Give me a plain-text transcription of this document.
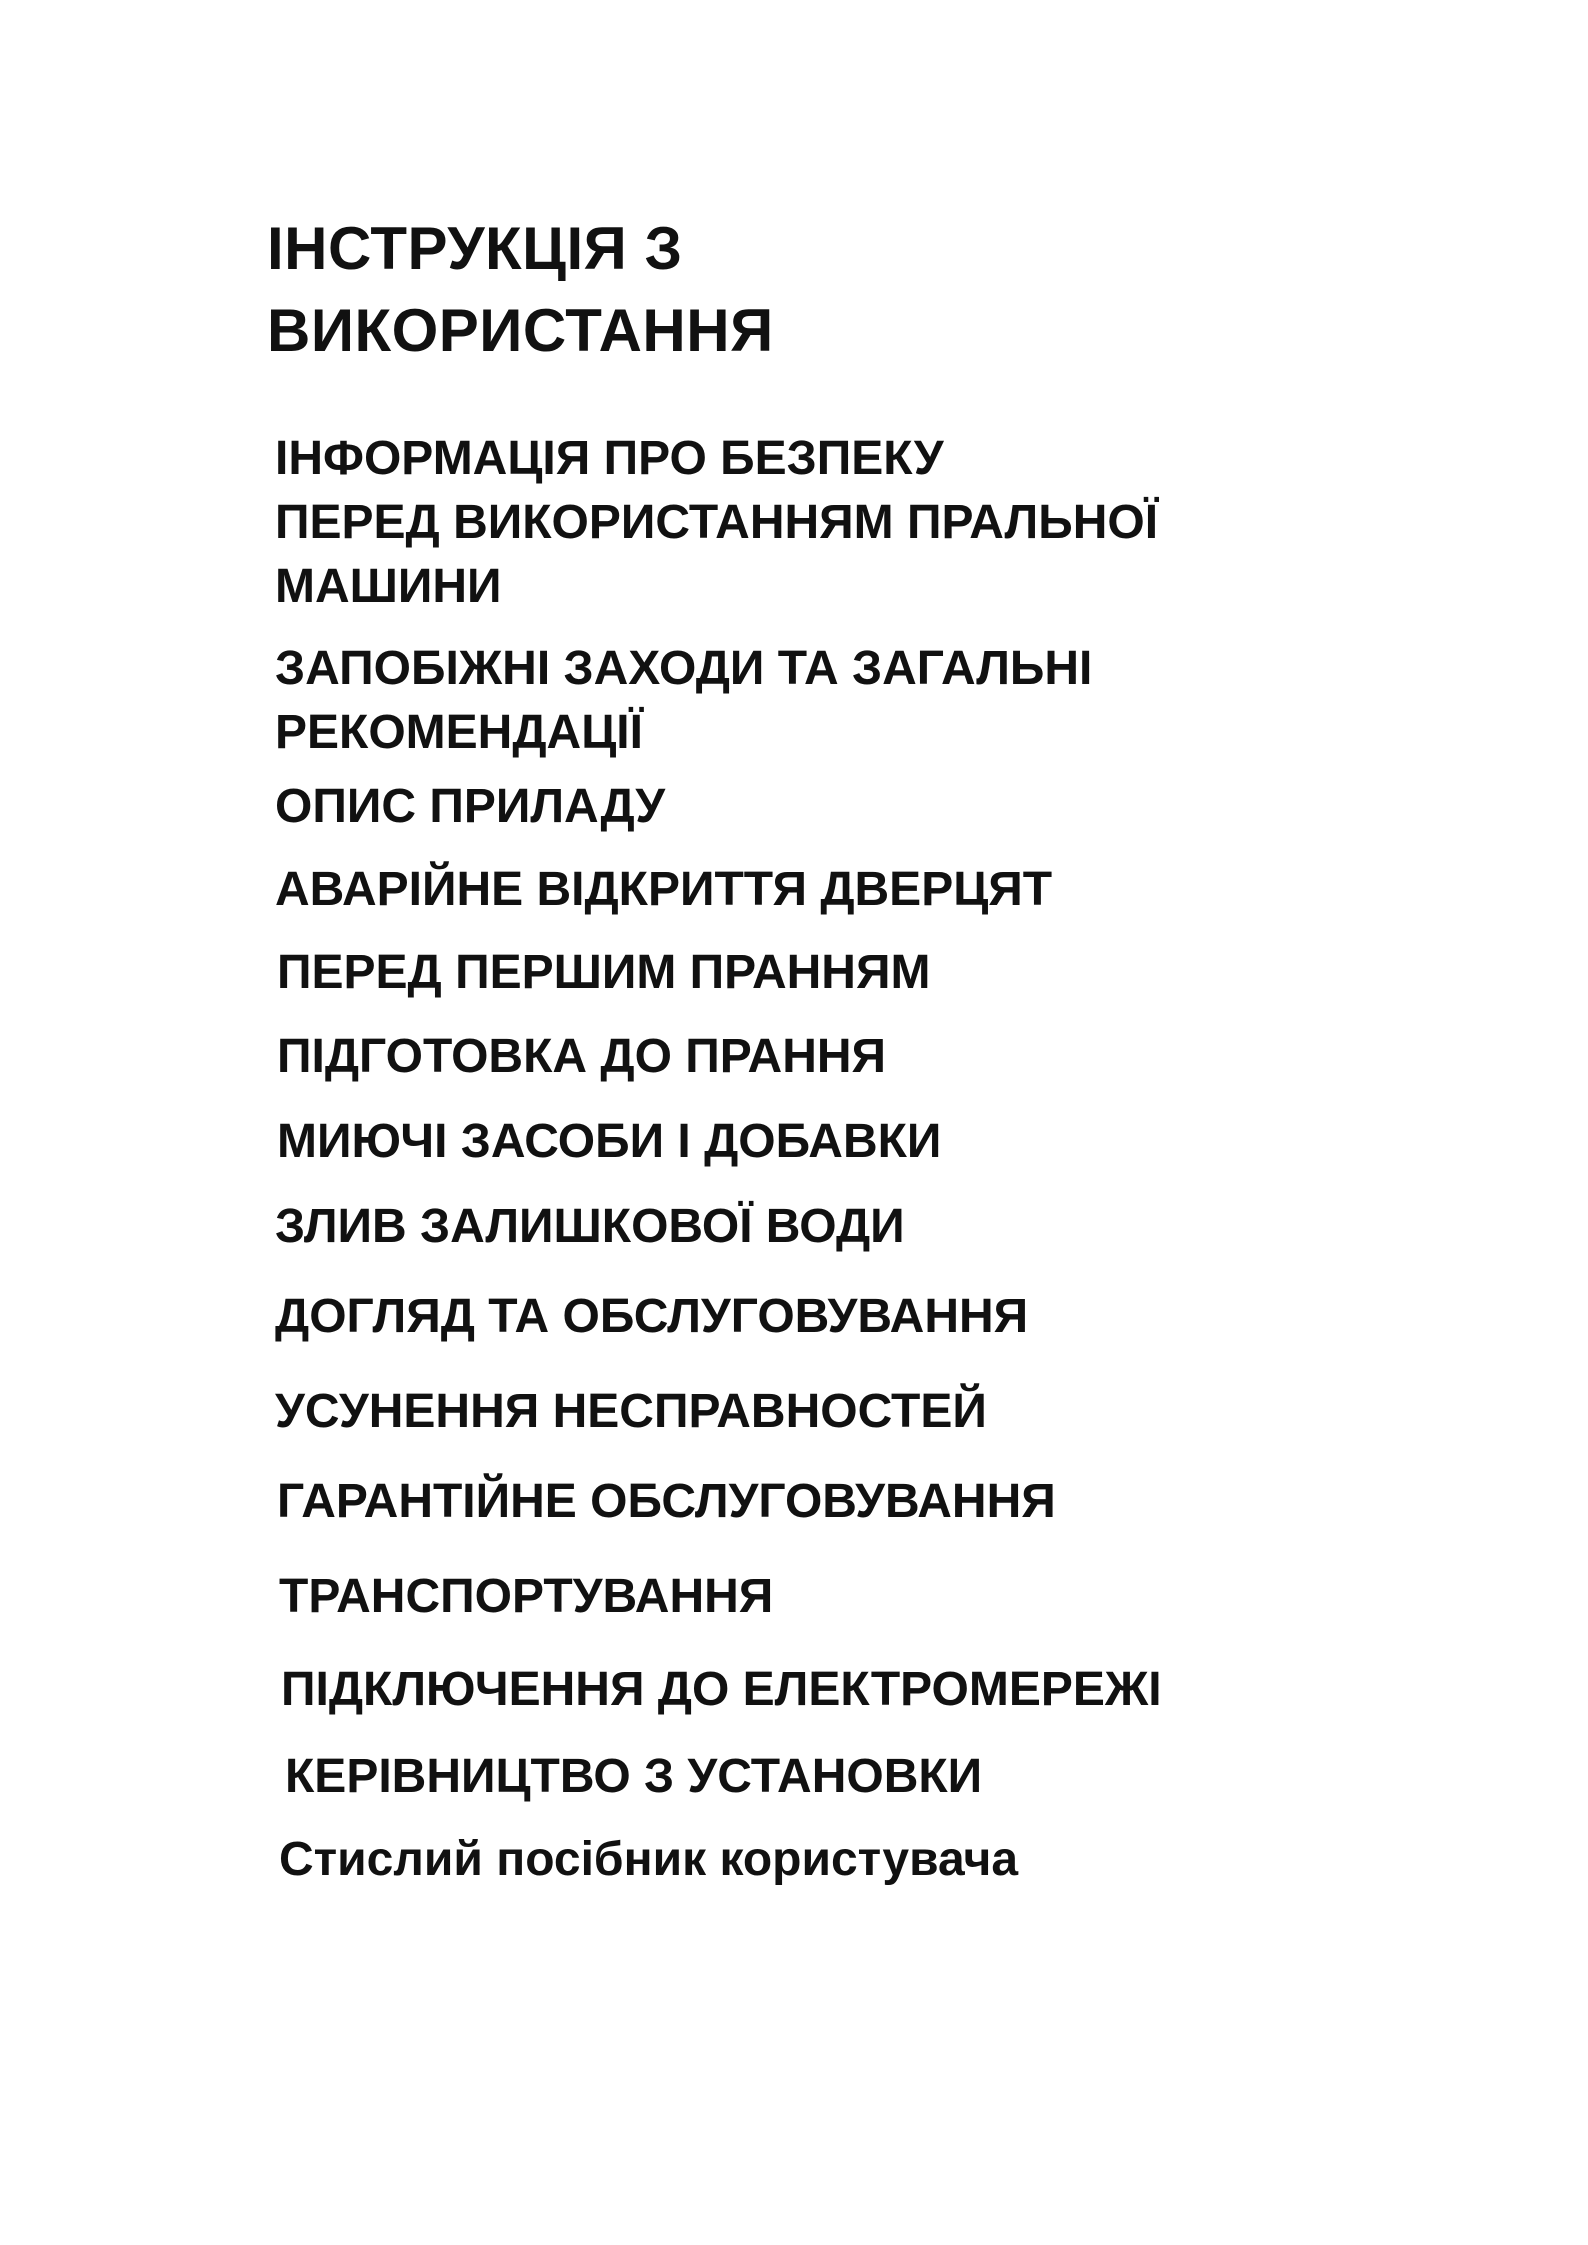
ІНСТРУКЦІЯ З
ВИКОРИСТАННЯ

ІНФОРМАЦІЯ ПРО БЕЗПЕКУ
ПЕРЕД ВИКОРИСТАННЯМ ПРАЛЬНОЇ
МАШИНИ

ЗАПОБІЖНІ ЗАХОДИ ТА ЗАГАЛЬНІ
РЕКОМЕНДАЦІЇ

ОПИС ПРИЛАДУ

АВАРІЙНЕ ВІДКРИТТЯ ДВЕРЦЯТ

ПЕРЕД ПЕРШИМ ПРАННЯМ

ПІДГОТОВКА ДО ПРАННЯ

МИЮЧІ ЗАСОБИ І ДОБАВКИ

ЗЛИВ ЗАЛИШКОВОЇ ВОДИ

ДОГЛЯД ТА ОБСЛУГОВУВАННЯ

УСУНЕННЯ НЕСПРАВНОСТЕЙ

ГАРАНТІЙНЕ ОБСЛУГОВУВАННЯ

ТРАНСПОРТУВАННЯ

ПІДКЛЮЧЕННЯ ДО ЕЛЕКТРОМЕРЕЖІ

КЕРІВНИЦТВО З УСТАНОВКИ

Стислий посібник користувача
